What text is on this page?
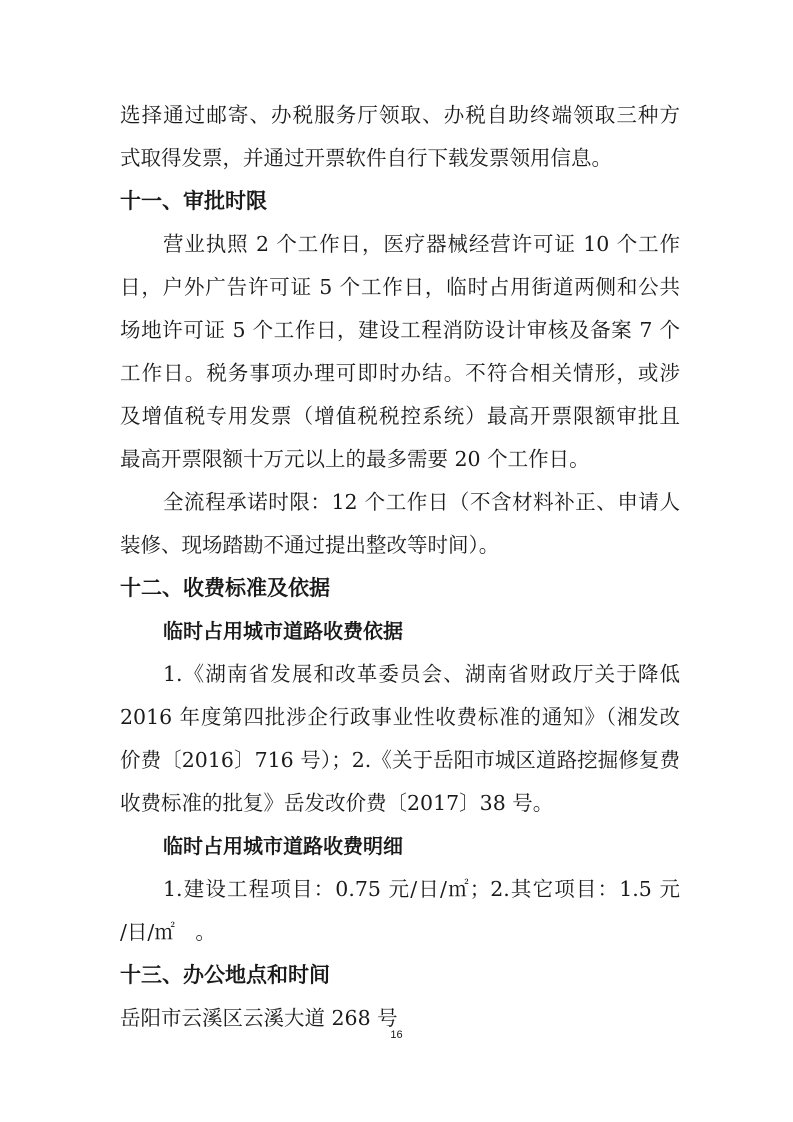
选择通过邮寄、办税服务厅领取、办税自助终端领取三种方
式取得发票，并通过开票软件自行下载发票领用信息。
十一、审批时限
营业执照 2 个工作日，医疗器械经营许可证 10 个工作
日，户外广告许可证 5 个工作日，临时占用街道两侧和公共
场地许可证 5 个工作日，建设工程消防设计审核及备案 7 个
工作日。税务事项办理可即时办结。不符合相关情形，或涉
及增值税专用发票（增值税税控系统）最高开票限额审批且
最高开票限额十万元以上的最多需要 20 个工作日。
全流程承诺时限：12 个工作日（不含材料补正、申请人
装修、现场踏勘不通过提出整改等时间）。
十二、收费标准及依据
临时占用城市道路收费依据
1.《湖南省发展和改革委员会、湖南省财政厅关于降低
2016 年度第四批涉企行政事业性收费标准的通知》（湘发改
价费〔2016〕716 号）；2.《关于岳阳市城区道路挖掘修复费
收费标准的批复》岳发改价费〔2017〕38 号。
临时占用城市道路收费明细
1.建设工程项目：0.75 元/日/㎡；2.其它项目：1.5 元
/日/㎡　。
十三、办公地点和时间
岳阳市云溪区云溪大道 268 号
16
